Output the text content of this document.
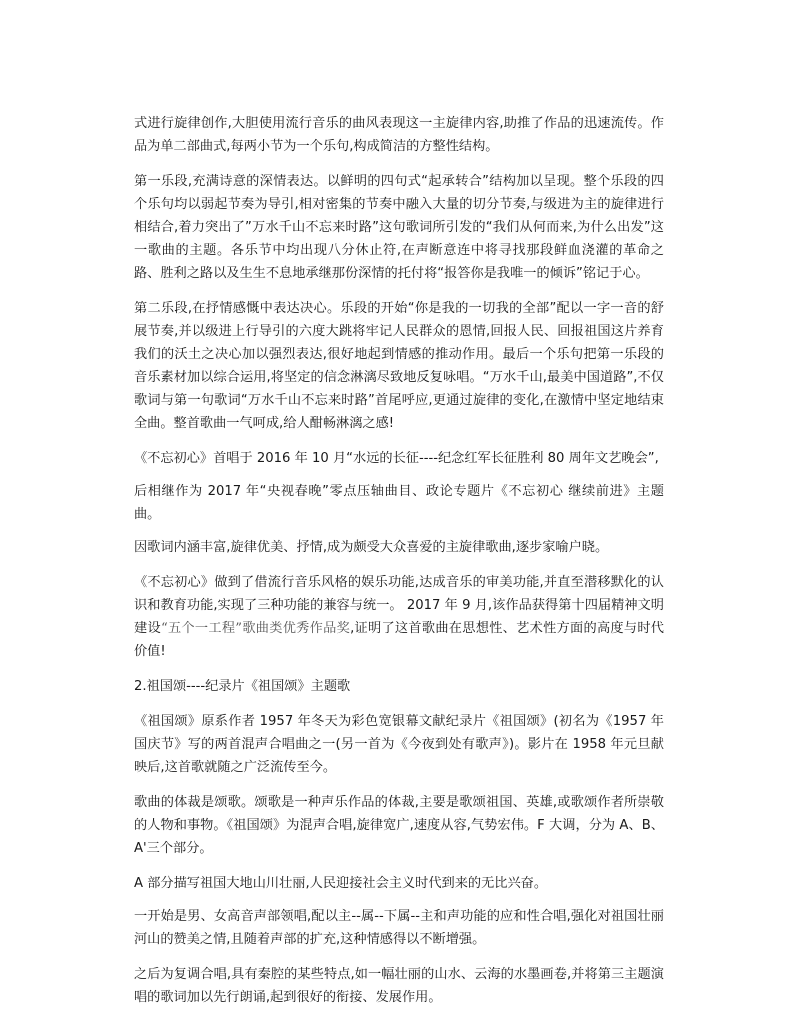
式进行旋律创作,大胆使用流行音乐的曲风表现这一主旋律内容,助推了作品的迅速流传。作品为单二部曲式,每两小节为一个乐句,构成简洁的方整性结构。

第一乐段,充满诗意的深情表达。以鲜明的四句式“起承转合”结构加以呈现。整个乐段的四个乐句均以弱起节奏为导引,相对密集的节奏中融入大量的切分节奏,与级进为主的旋律进行相结合,着力突出了”万水千山不忘来时路”这句歌词所引发的“我们从何而来,为什么出发”这一歌曲的主题。各乐节中均出现八分休止符,在声断意连中将寻找那段鲜血浇灌的革命之路、胜利之路以及生生不息地承继那份深情的托付将“报答你是我唯一的倾诉”铭记于心。

第二乐段,在抒情感慨中表达决心。乐段的开始“你是我的一切我的全部”配以一字一音的舒展节奏,并以级进上行导引的六度大跳将牢记人民群众的恩情,回报人民、回报祖国这片养育我们的沃土之决心加以强烈表达,很好地起到情感的推动作用。最后一个乐句把第一乐段的音乐素材加以综合运用,将坚定的信念淋漓尽致地反复咏唱。“万水千山,最美中国道路”,不仅歌词与第一句歌词“万水千山不忘来时路”首尾呼应,更通过旋律的变化,在激情中坚定地结束全曲。整首歌曲一气呵成,给人酣畅淋漓之感!

《不忘初心》首唱于 2016 年 10 月“水远的长征----纪念红军长征胜利 80 周年文艺晚会”,

后相继作为 2017 年“央视春晚”零点压轴曲目、政论专题片《不忘初心 继续前进》主题曲。

因歌词内涵丰富,旋律优美、抒情,成为颇受大众喜爱的主旋律歌曲,逐步家喻户晓。

《不忘初心》做到了借流行音乐风格的娱乐功能,达成音乐的审美功能,并直至潜移默化的认识和教育功能,实现了三种功能的兼容与统一。 2017 年 9 月,该作品获得第十四届精神文明建设“五个一工程”歌曲类优秀作品奖,证明了这首歌曲在思想性、艺术性方面的高度与时代价值!

2.祖国颂----纪录片《祖国颂》主题歌

《祖国颂》原系作者 1957 年冬天为彩色宽银幕文献纪录片《祖国颂》(初名为《1957 年国庆节》写的两首混声合唱曲之一(另一首为《今夜到处有歌声》)。影片在 1958 年元旦献映后,这首歌就随之广泛流传至今。

歌曲的体裁是颂歌。颂歌是一种声乐作品的体裁,主要是歌颂祖国、英雄,或歌颂作者所崇敬的人物和事物。《祖国颂》为混声合唱,旋律宽广,速度从容,气势宏伟。F 大调，分为 A、B、A'三个部分。

A 部分描写祖国大地山川壮丽,人民迎接社会主义时代到来的无比兴奋。

一开始是男、女高音声部领唱,配以主--属--下属--主和声功能的应和性合唱,强化对祖国壮丽河山的赞美之情,且随着声部的扩充,这种情感得以不断增强。

之后为复调合唱,具有秦腔的某些特点,如一幅壮丽的山水、云海的水墨画卷,并将第三主题演唱的歌词加以先行朗诵,起到很好的衔接、发展作用。
